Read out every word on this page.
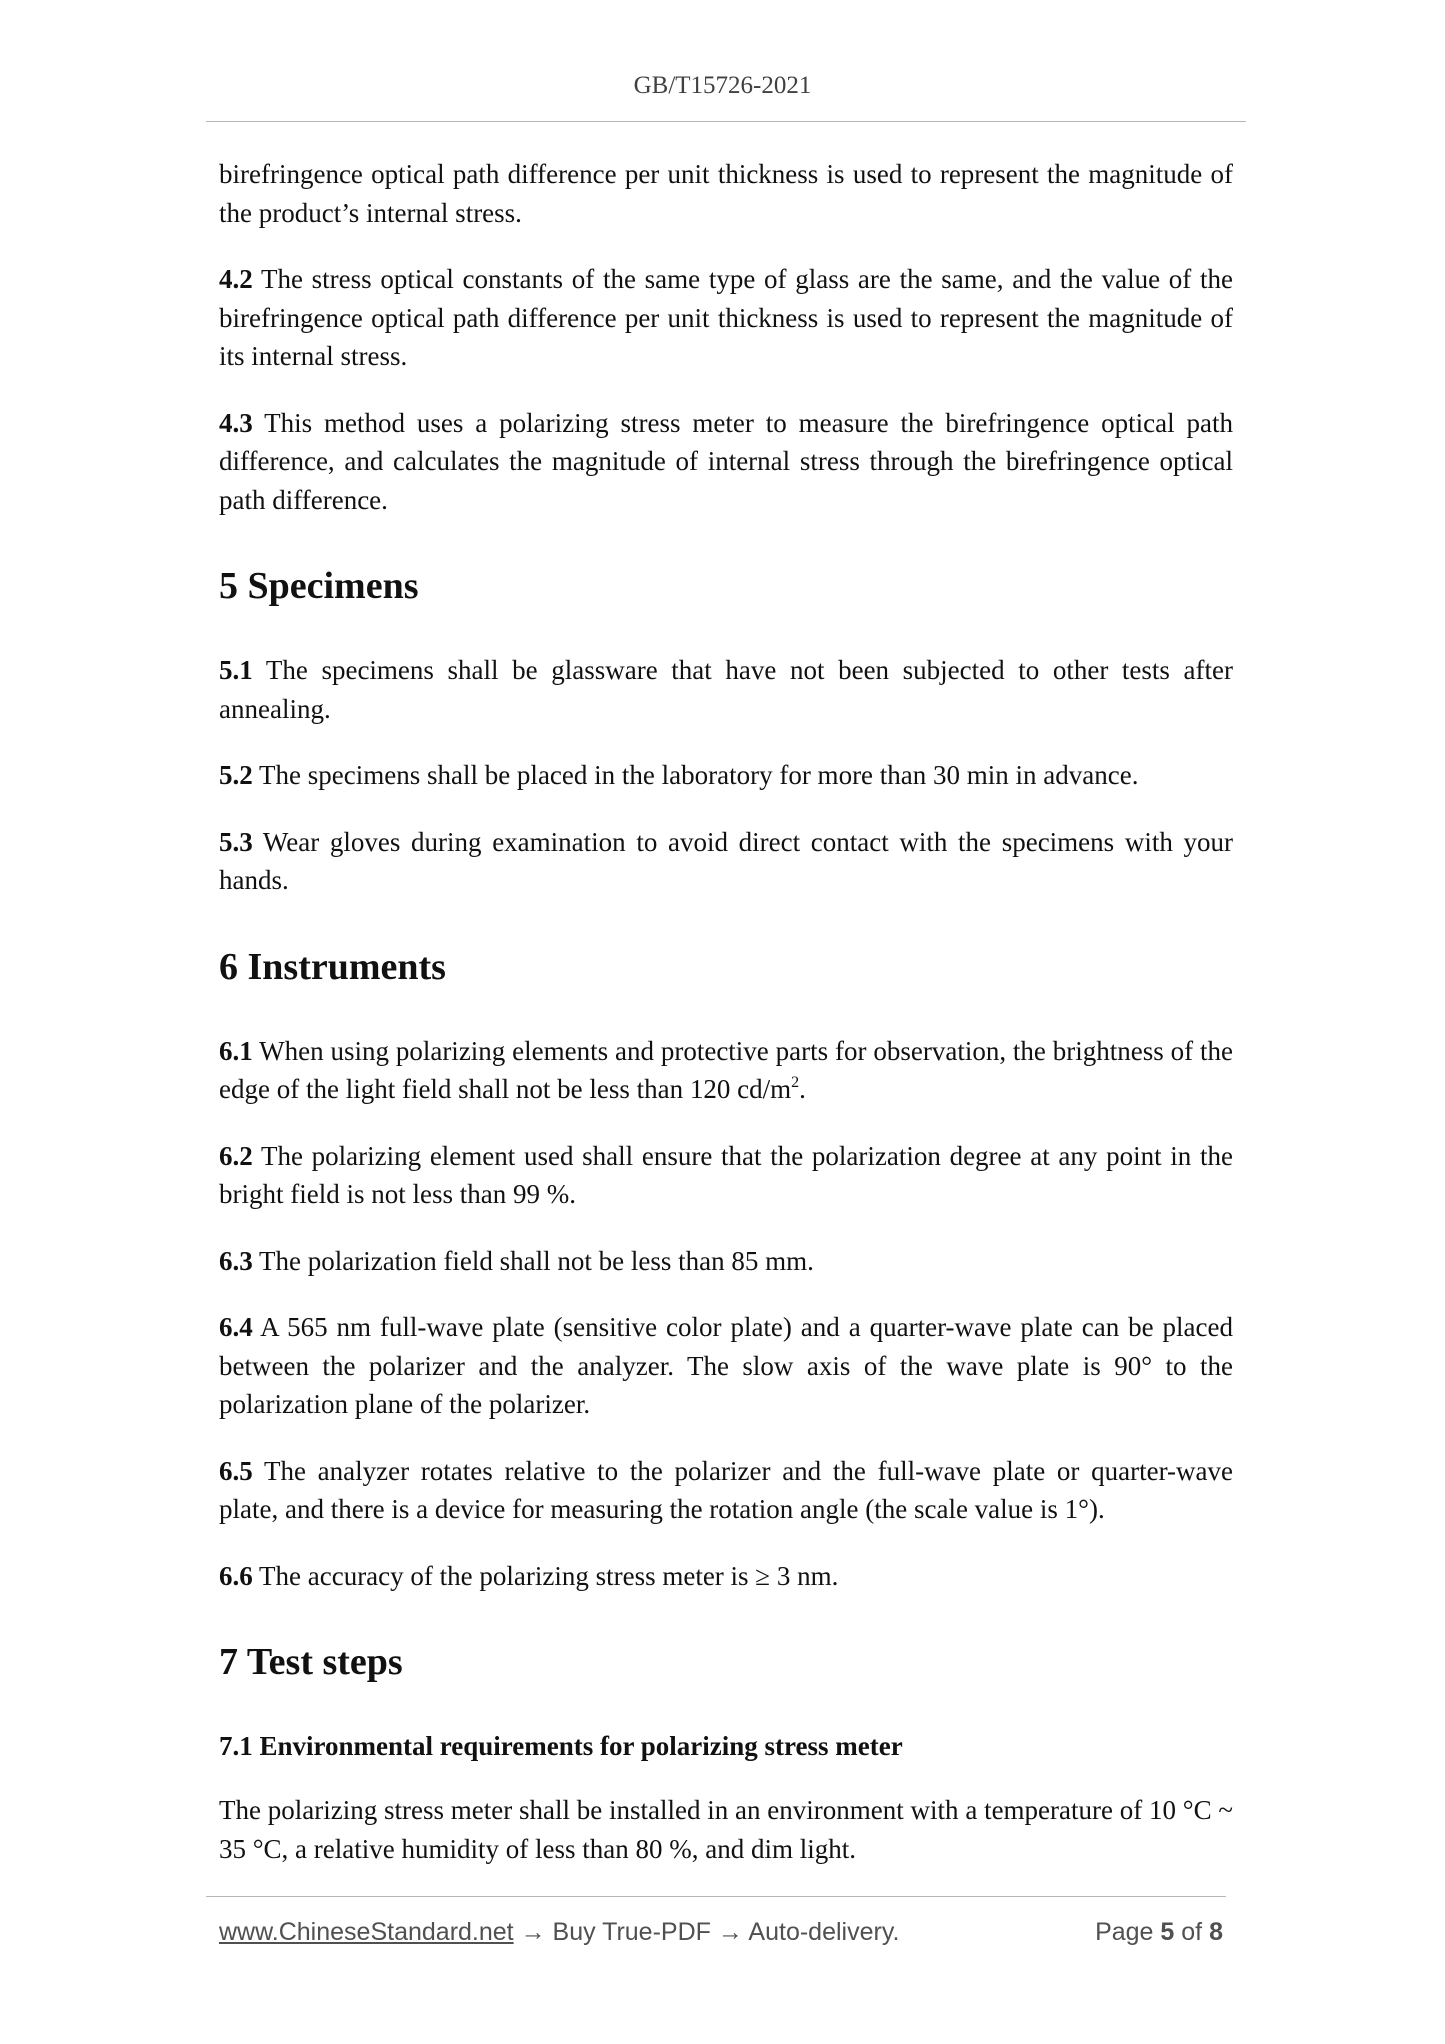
GB/T15726-2021

birefringence optical path difference per unit thickness is used to represent the magnitude of the product’s internal stress.

4.2 The stress optical constants of the same type of glass are the same, and the value of the birefringence optical path difference per unit thickness is used to represent the magnitude of its internal stress.

4.3 This method uses a polarizing stress meter to measure the birefringence optical path difference, and calculates the magnitude of internal stress through the birefringence optical path difference.

5 Specimens

5.1 The specimens shall be glassware that have not been subjected to other tests after annealing.

5.2 The specimens shall be placed in the laboratory for more than 30 min in advance.

5.3 Wear gloves during examination to avoid direct contact with the specimens with your hands.

6 Instruments

6.1 When using polarizing elements and protective parts for observation, the brightness of the edge of the light field shall not be less than 120 $cd/m^2$.

6.2 The polarizing element used shall ensure that the polarization degree at any point in the bright field is not less than 99 %.

6.3 The polarization field shall not be less than 85 mm.

6.4 A 565 nm full-wave plate (sensitive color plate) and a quarter-wave plate can be placed between the polarizer and the analyzer. The slow axis of the wave plate is 90° to the polarization plane of the polarizer.

6.5 The analyzer rotates relative to the polarizer and the full-wave plate or quarter-wave plate, and there is a device for measuring the rotation angle (the scale value is 1°).

6.6 The accuracy of the polarizing stress meter is ≥ 3 nm.

7 Test steps
7.1 Environmental requirements for polarizing stress meter

The polarizing stress meter shall be installed in an environment with a temperature of 10 °C ~ 35 °C, a relative humidity of less than 80 %, and dim light.

www.ChineseStandard.net → Buy True-PDF → Auto-delivery.	Page 5 of 8
